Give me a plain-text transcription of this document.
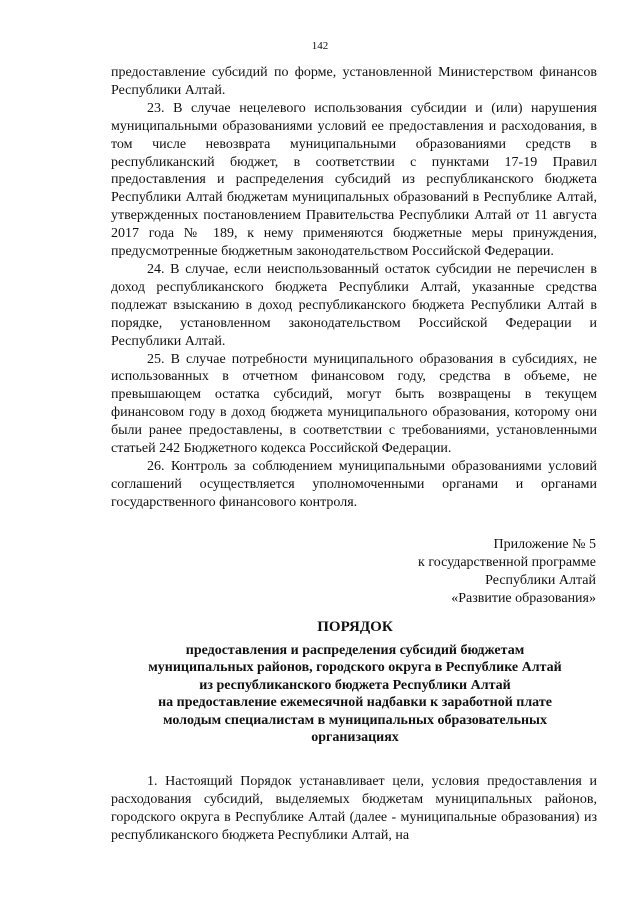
142

предоставление субсидий по форме, установленной Министерством финансов Республики Алтай.

23. В случае нецелевого использования субсидии и (или) нарушения муниципальными образованиями условий ее предоставления и расходования, в том числе невозврата муниципальными образованиями средств в республиканский бюджет, в соответствии с пунктами 17-19 Правил предоставления и распределения субсидий из республиканского бюджета Республики Алтай бюджетам муниципальных образований в Республике Алтай, утвержденных постановлением Правительства Республики Алтай от 11 августа 2017 года № 189, к нему применяются бюджетные меры принуждения, предусмотренные бюджетным законодательством Российской Федерации.

24. В случае, если неиспользованный остаток субсидии не перечислен в доход республиканского бюджета Республики Алтай, указанные средства подлежат взысканию в доход республиканского бюджета Республики Алтай в порядке, установленном законодательством Российской Федерации и Республики Алтай.

25. В случае потребности муниципального образования в субсидиях, не использованных в отчетном финансовом году, средства в объеме, не превышающем остатка субсидий, могут быть возвращены в текущем финансовом году в доход бюджета муниципального образования, которому они были ранее предоставлены, в соответствии с требованиями, установленными статьей 242 Бюджетного кодекса Российской Федерации.

26. Контроль за соблюдением муниципальными образованиями условий соглашений осуществляется уполномоченными органами и органами государственного финансового контроля.

Приложение № 5
к государственной программе
Республики Алтай
«Развитие образования»
ПОРЯДОК
предоставления и распределения субсидий бюджетам
муниципальных районов, городского округа в Республике Алтай
из республиканского бюджета Республики Алтай
на предоставление ежемесячной надбавки к заработной плате
молодым специалистам в муниципальных образовательных организациях

1. Настоящий Порядок устанавливает цели, условия предоставления и расходования субсидий, выделяемых бюджетам муниципальных районов, городского округа в Республике Алтай (далее - муниципальные образования) из республиканского бюджета Республики Алтай, на
